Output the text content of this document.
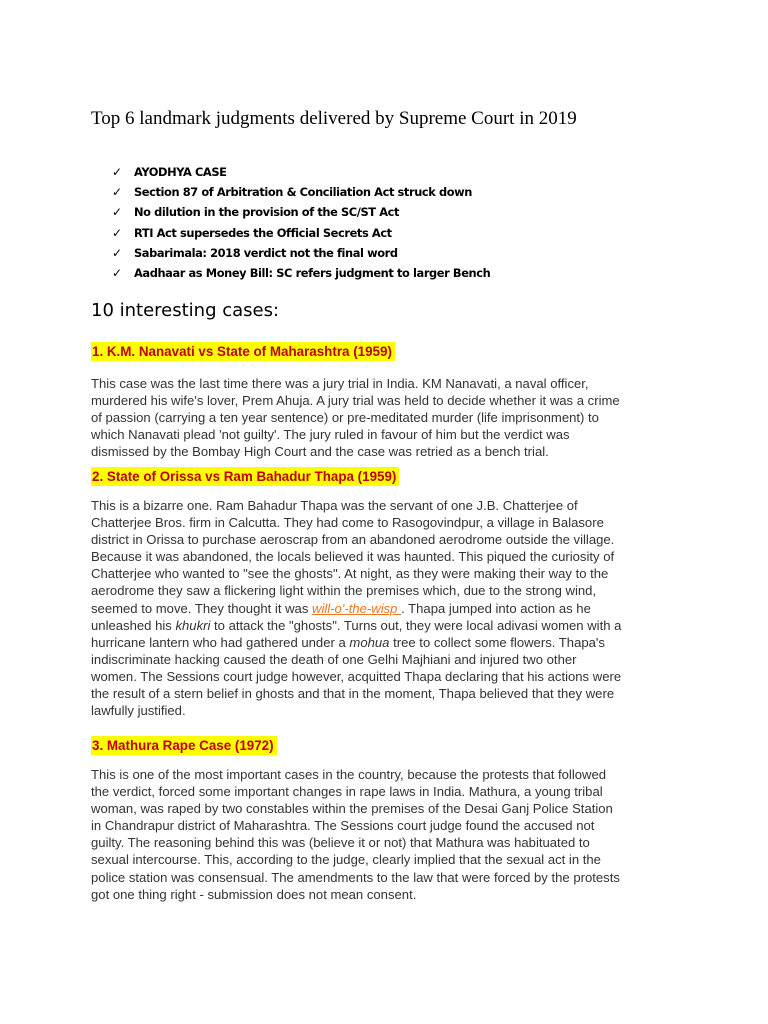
Top 6 landmark judgments delivered by Supreme Court in 2019
✓ AYODHYA CASE
✓ Section 87 of Arbitration & Conciliation Act struck down
✓ No dilution in the provision of the SC/ST Act
✓ RTI Act supersedes the Official Secrets Act
✓ Sabarimala: 2018 verdict not the final word
✓ Aadhaar as Money Bill: SC refers judgment to larger Bench
10 interesting cases:
1. K.M. Nanavati vs State of Maharashtra (1959)

This case was the last time there was a jury trial in India. KM Nanavati, a naval officer,
murdered his wife's lover, Prem Ahuja. A jury trial was held to decide whether it was a crime
of passion (carrying a ten year sentence) or pre-meditated murder (life imprisonment) to
which Nanavati plead 'not guilty'. The jury ruled in favour of him but the verdict was
dismissed by the Bombay High Court and the case was retried as a bench trial.

2. State of Orissa vs Ram Bahadur Thapa (1959)

This is a bizarre one. Ram Bahadur Thapa was the servant of one J.B. Chatterjee of
Chatterjee Bros. firm in Calcutta. They had come to Rasogovindpur, a village in Balasore
district in Orissa to purchase aeroscrap from an abandoned aerodrome outside the village.
Because it was abandoned, the locals believed it was haunted. This piqued the curiosity of
Chatterjee who wanted to "see the ghosts". At night, as they were making their way to the
aerodrome they saw a flickering light within the premises which, due to the strong wind,
seemed to move. They thought it was will-o'-the-wisp . Thapa jumped into action as he
unleashed his khukri to attack the "ghosts". Turns out, they were local adivasi women with a
hurricane lantern who had gathered under a mohua tree to collect some flowers. Thapa's
indiscriminate hacking caused the death of one Gelhi Majhiani and injured two other
women. The Sessions court judge however, acquitted Thapa declaring that his actions were
the result of a stern belief in ghosts and that in the moment, Thapa believed that they were
lawfully justified.

3. Mathura Rape Case (1972)

This is one of the most important cases in the country, because the protests that followed
the verdict, forced some important changes in rape laws in India. Mathura, a young tribal
woman, was raped by two constables within the premises of the Desai Ganj Police Station
in Chandrapur district of Maharashtra. The Sessions court judge found the accused not
guilty. The reasoning behind this was (believe it or not) that Mathura was habituated to
sexual intercourse. This, according to the judge, clearly implied that the sexual act in the
police station was consensual. The amendments to the law that were forced by the protests
got one thing right - submission does not mean consent.
